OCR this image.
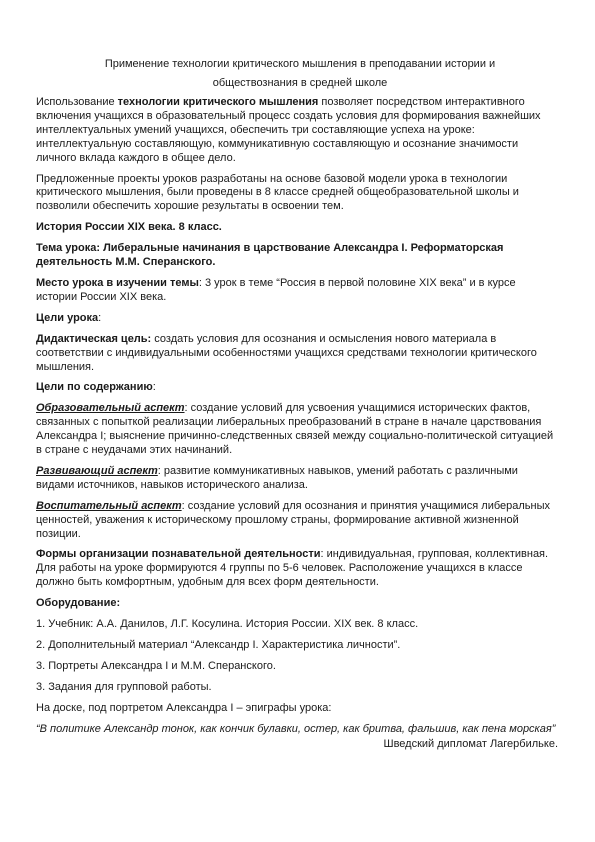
Применение технологии критического мышления в преподавании истории и
обществознания в средней школе

Использование технологии критического мышления позволяет посредством интерактивного включения учащихся в образовательный процесс создать условия для формирования важнейших интеллектуальных умений учащихся, обеспечить три составляющие успеха на уроке: интеллектуальную составляющую, коммуникативную составляющую и осознание значимости личного вклада каждого в общее дело.

Предложенные проекты уроков разработаны на основе базовой модели урока в технологии критического мышления, были проведены в 8 классе средней общеобразовательной школы и позволили обеспечить хорошие результаты в освоении тем.

История России XIX века. 8 класс.

Тема урока: Либеральные начинания в царствование Александра I. Реформаторская деятельность М.М. Сперанского.

Место урока в изучении темы: 3 урок в теме “Россия в первой половине XIX века” и в курсе истории России XIX века.

Цели урока:

Дидактическая цель: создать условия для осознания и осмысления нового материала в соответствии с индивидуальными особенностями учащихся средствами технологии критического мышления.

Цели по содержанию:

Образовательный аспект: создание условий для усвоения учащимися исторических фактов, связанных с попыткой реализации либеральных преобразований в стране в начале царствования Александра I; выяснение причинно-следственных связей между социально-политической ситуацией в стране с неудачами этих начинаний.

Развивающий аспект: развитие коммуникативных навыков, умений работать с различными видами источников, навыков исторического анализа.

Воспитательный аспект: создание условий для осознания и принятия учащимися либеральных ценностей, уважения к историческому прошлому страны, формирование активной жизненной позиции.

Формы организации познавательной деятельности: индивидуальная, групповая, коллективная. Для работы на уроке формируются 4 группы по 5-6 человек. Расположение учащихся в классе должно быть комфортным, удобным для всех форм деятельности.

Оборудование:

1. Учебник: А.А. Данилов, Л.Г. Косулина. История России. XIX век. 8 класс.

2. Дополнительный материал “Александр I. Характеристика личности”.

3. Портреты Александра I и М.М. Сперанского.

3. Задания для групповой работы.

На доске, под портретом Александра I – эпиграфы урока:

“В политике Александр тонок, как кончик булавки, остер, как бритва, фальшив, как пена морская”

Шведский дипломат Лагербильке.
